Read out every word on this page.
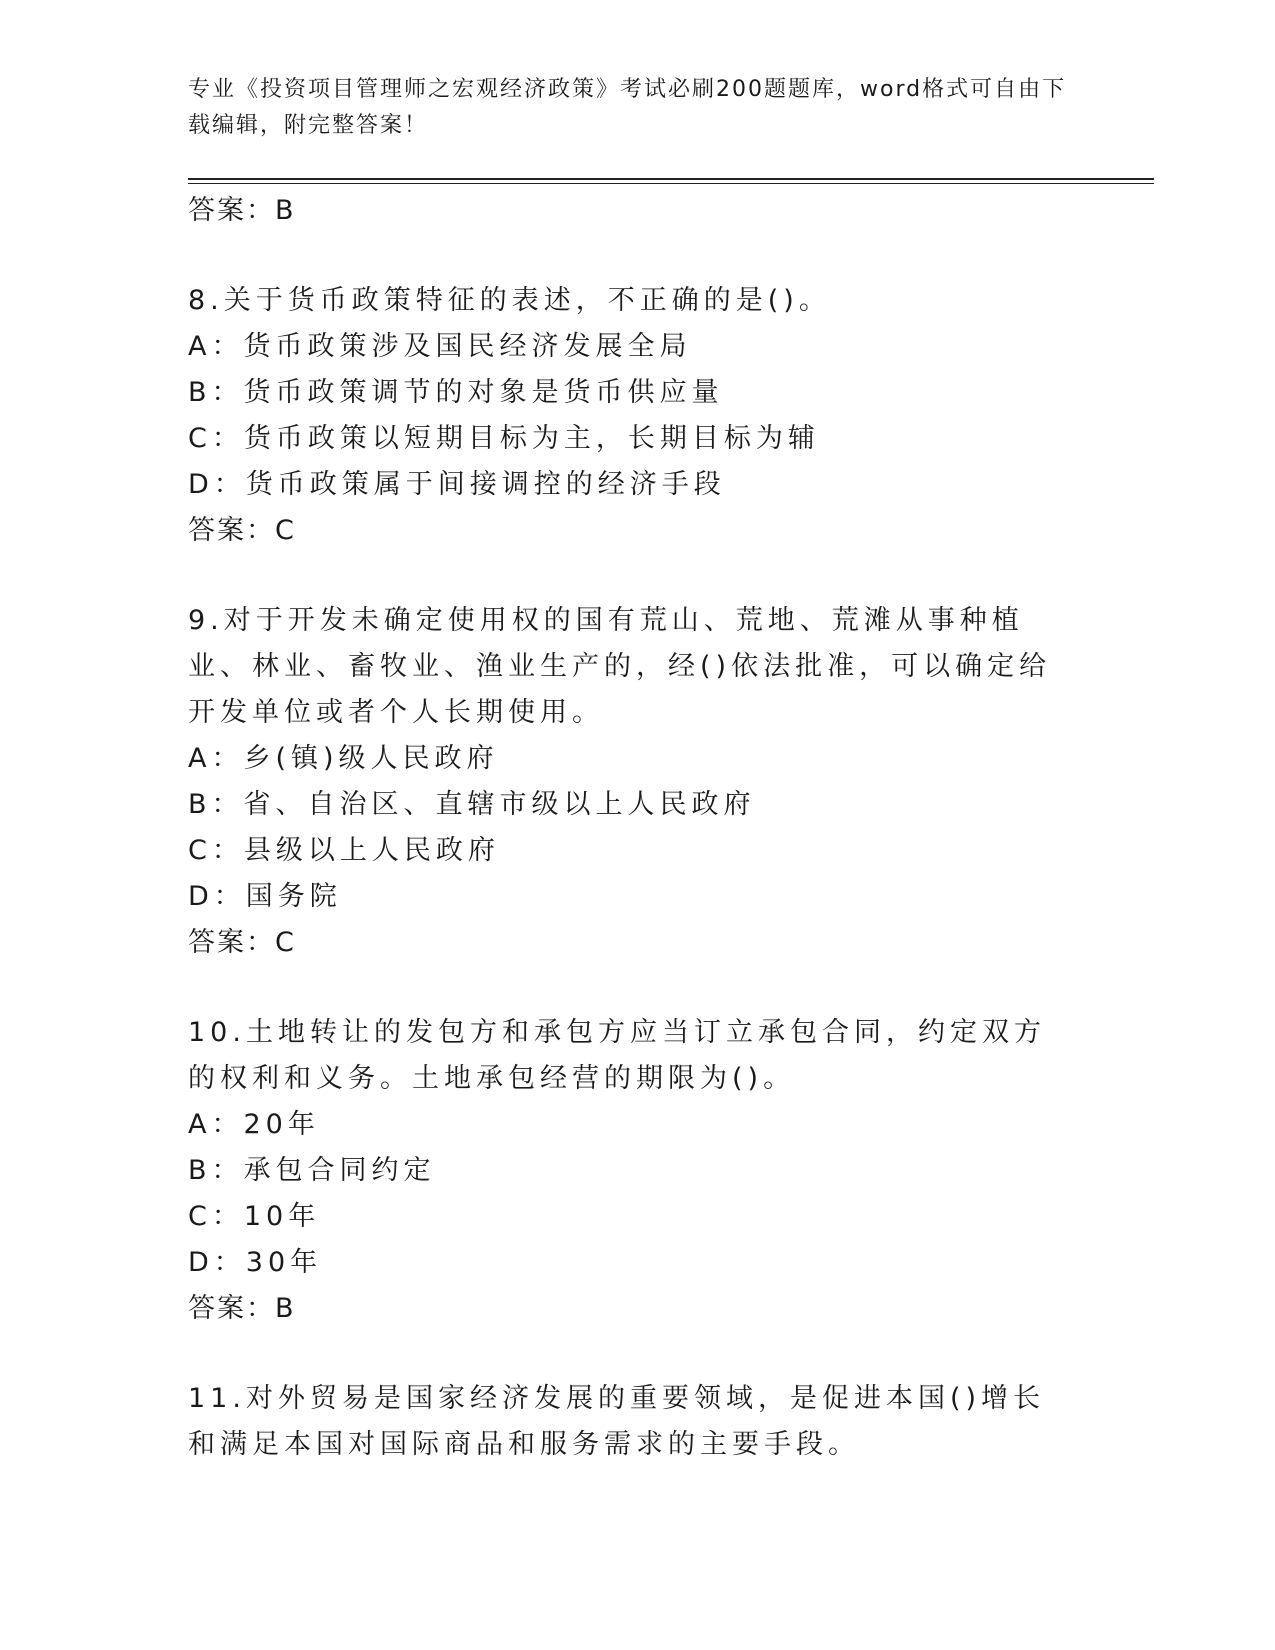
专业《投资项目管理师之宏观经济政策》考试必刷200题题库，word格式可自由下载编辑，附完整答案！
答案：B
8.关于货币政策特征的表述，不正确的是()。
A：货币政策涉及国民经济发展全局
B：货币政策调节的对象是货币供应量
C：货币政策以短期目标为主，长期目标为辅
D：货币政策属于间接调控的经济手段
答案：C
9.对于开发未确定使用权的国有荒山、荒地、荒滩从事种植业、林业、畜牧业、渔业生产的，经()依法批准，可以确定给开发单位或者个人长期使用。
A：乡(镇)级人民政府
B：省、自治区、直辖市级以上人民政府
C：县级以上人民政府
D：国务院
答案：C
10.土地转让的发包方和承包方应当订立承包合同，约定双方的权利和义务。土地承包经营的期限为()。
A：20年
B：承包合同约定
C：10年
D：30年
答案：B
11.对外贸易是国家经济发展的重要领域，是促进本国()增长和满足本国对国际商品和服务需求的主要手段。
